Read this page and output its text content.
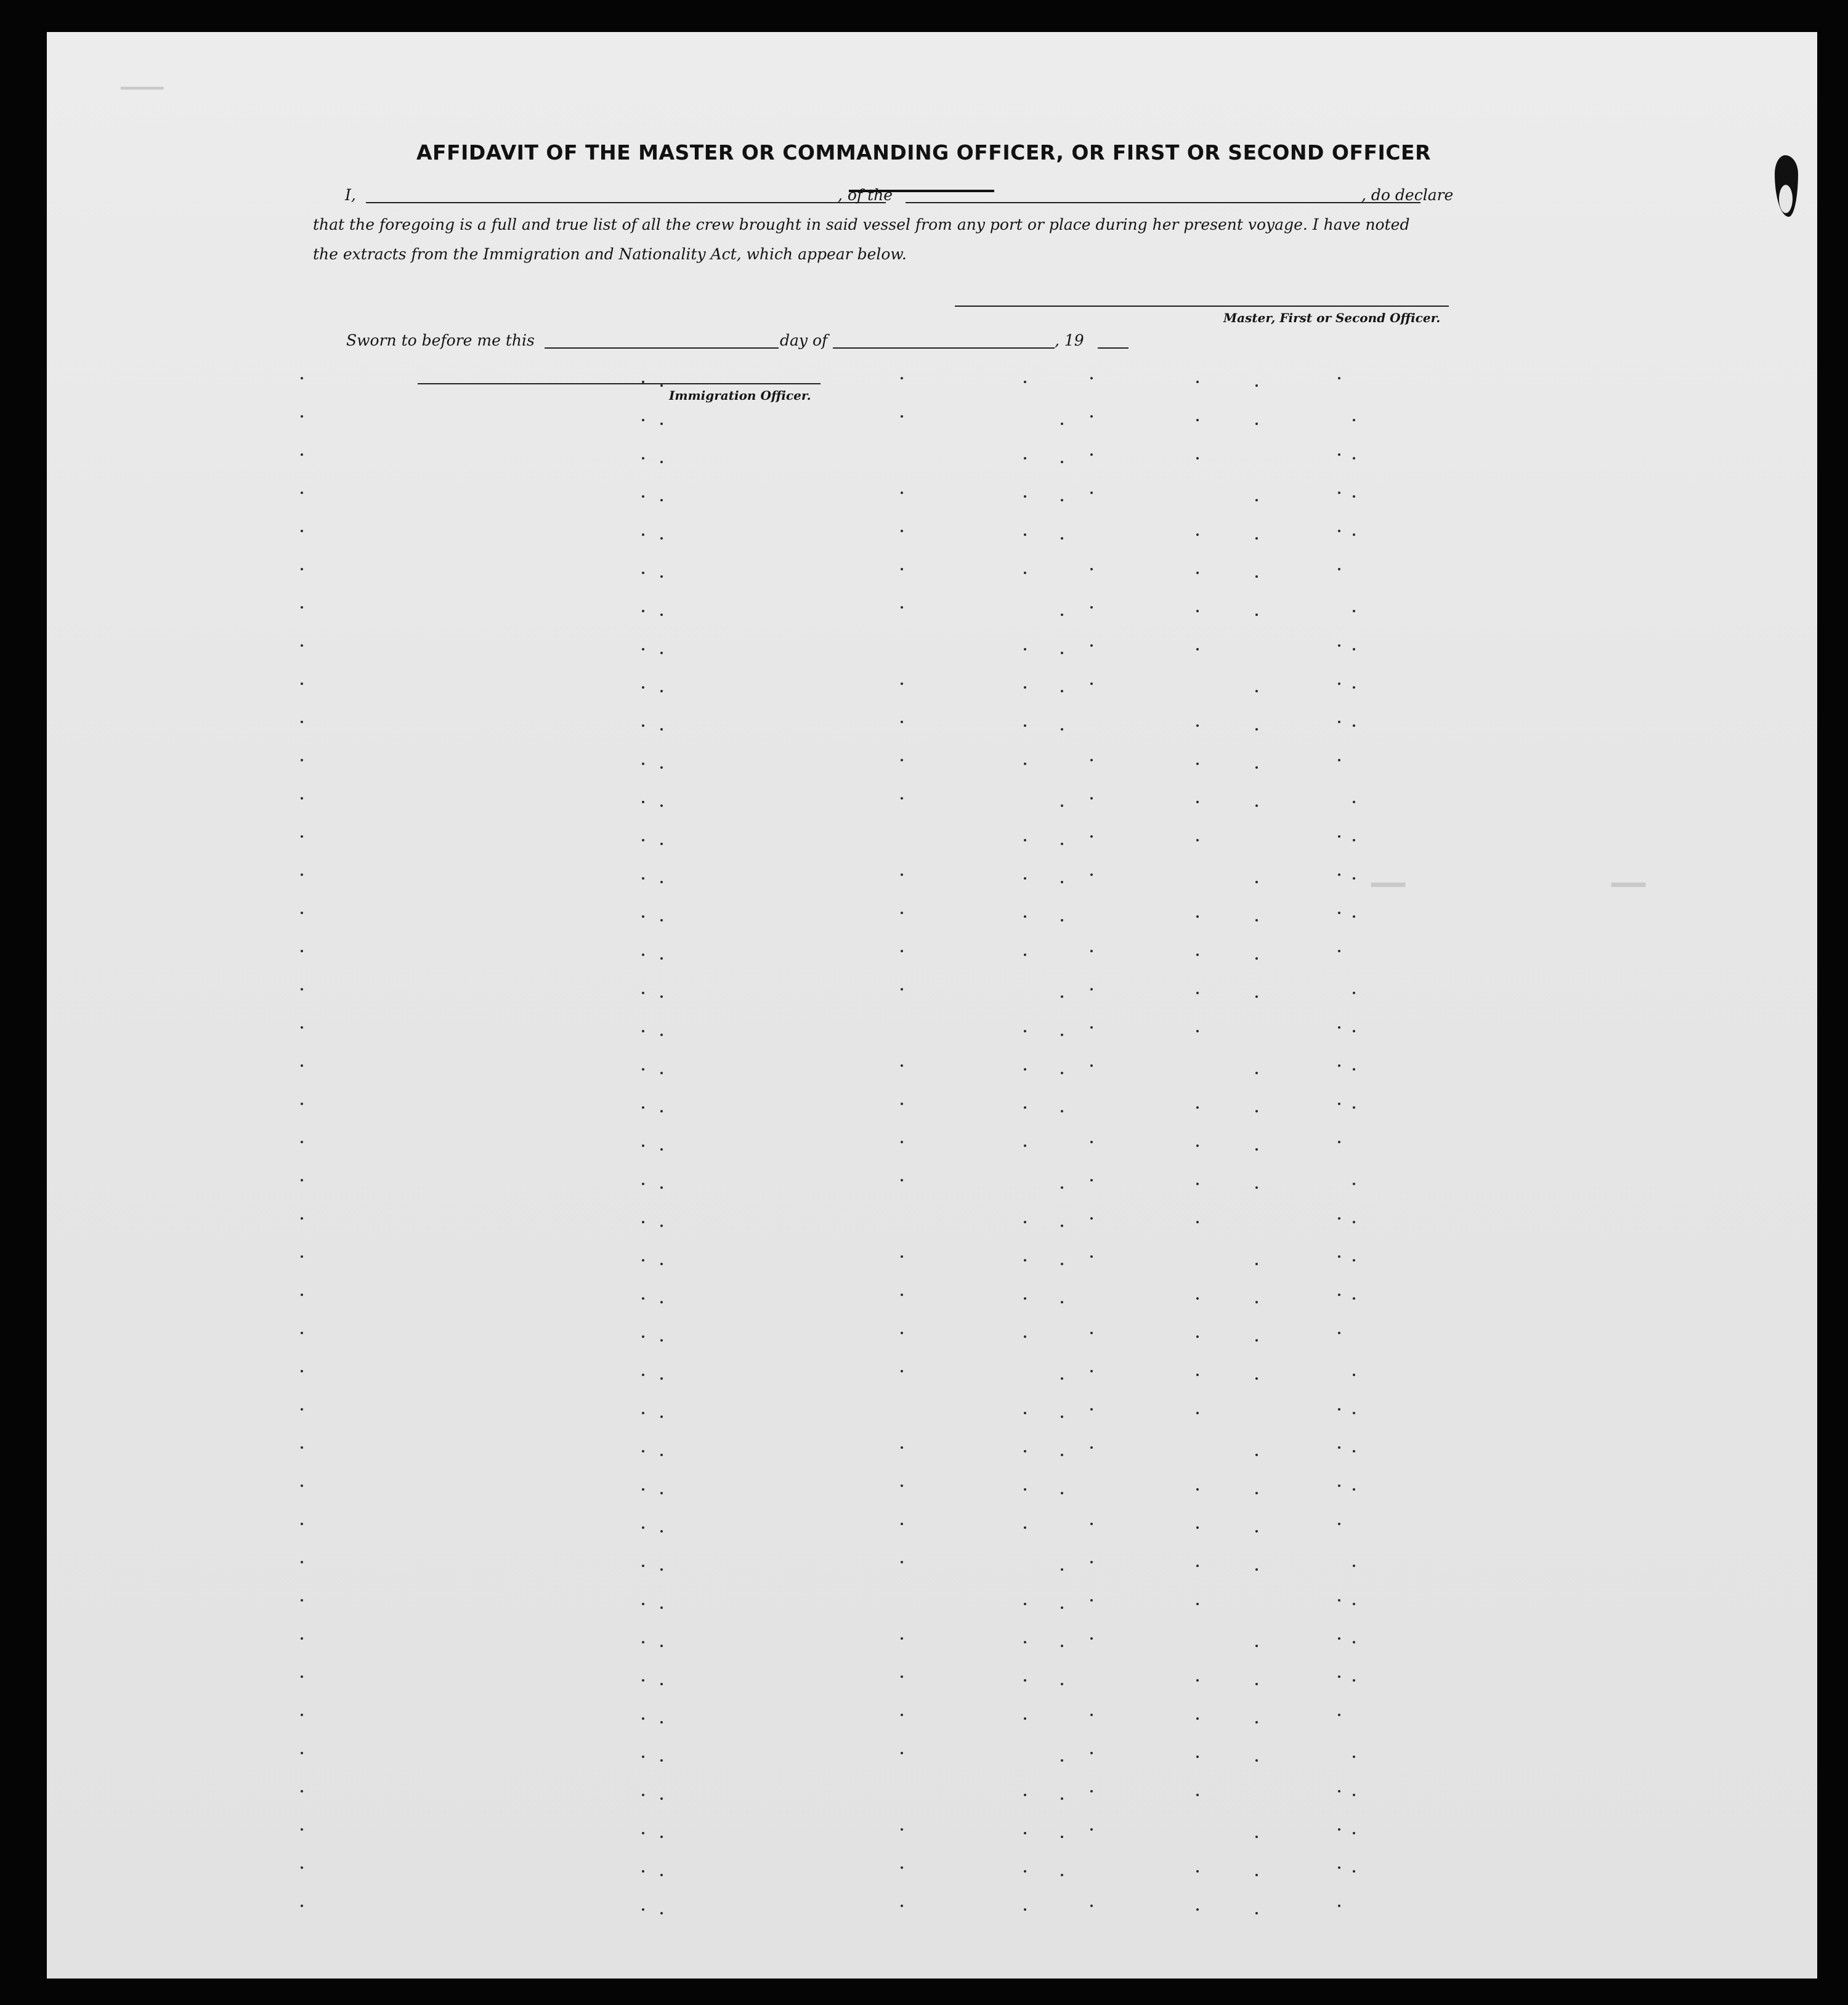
▔▔▔
▂▂▂
▂▂▂
AFFIDAVIT OF THE MASTER OR COMMANDING OFFICER, OR FIRST OR SECOND OFFICER
I,	, of the	, do declare
that the foregoing is a full and true list of all the crew brought in said vessel from any port or place during her present voyage. I have noted
the extracts from the Immigration and Nationality Act, which appear below.
Master, First or Second Officer.
Sworn to before me this	day of	, 19
Immigration Officer.
